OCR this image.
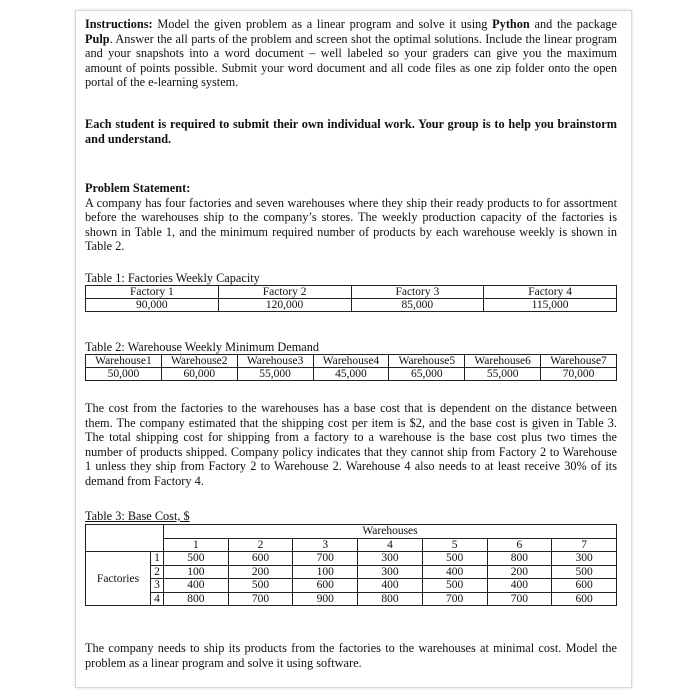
Instructions: Model the given problem as a linear program and solve it using Python and the package Pulp. Answer the all parts of the problem and screen shot the optimal solutions. Include the linear program and your snapshots into a word document – well labeled so your graders can give you the maximum amount of points possible. Submit your word document and all code files as one zip folder onto the open portal of the e-learning system.

Each student is required to submit their own individual work. Your group is to help you brainstorm and understand.

Problem Statement:

A company has four factories and seven warehouses where they ship their ready products to for assortment before the warehouses ship to the company’s stores. The weekly production capacity of the factories is shown in Table 1, and the minimum required number of products by each warehouse weekly is shown in Table 2.

Table 1: Factories Weekly Capacity
Factory 1	Factory 2	Factory 3	Factory 4
90,000	120,000	85,000	115,000
Table 2: Warehouse Weekly Minimum Demand
Warehouse1	Warehouse2	Warehouse3	Warehouse4	Warehouse5	Warehouse6	Warehouse7
50,000	60,000	55,000	45,000	65,000	55,000	70,000

The cost from the factories to the warehouses has a base cost that is dependent on the distance between them. The company estimated that the shipping cost per item is $2, and the base cost is given in Table 3. The total shipping cost for shipping from a factory to a warehouse is the base cost plus two times the number of products shipped. Company policy indicates that they cannot ship from Factory 2 to Warehouse 1 unless they ship from Factory 2 to Warehouse 2. Warehouse 4 also needs to at least receive 30% of its demand from Factory 4.

Table 3: Base Cost, $
		Warehouses						
		1	2	3	4	5	6	7
Factories	1	500	600	700	300	500	800	300
	2	100	200	100	300	400	200	500
	3	400	500	600	400	500	400	600
	4	800	700	900	800	700	700	600

The company needs to ship its products from the factories to the warehouses at minimal cost. Model the problem as a linear program and solve it using software.
